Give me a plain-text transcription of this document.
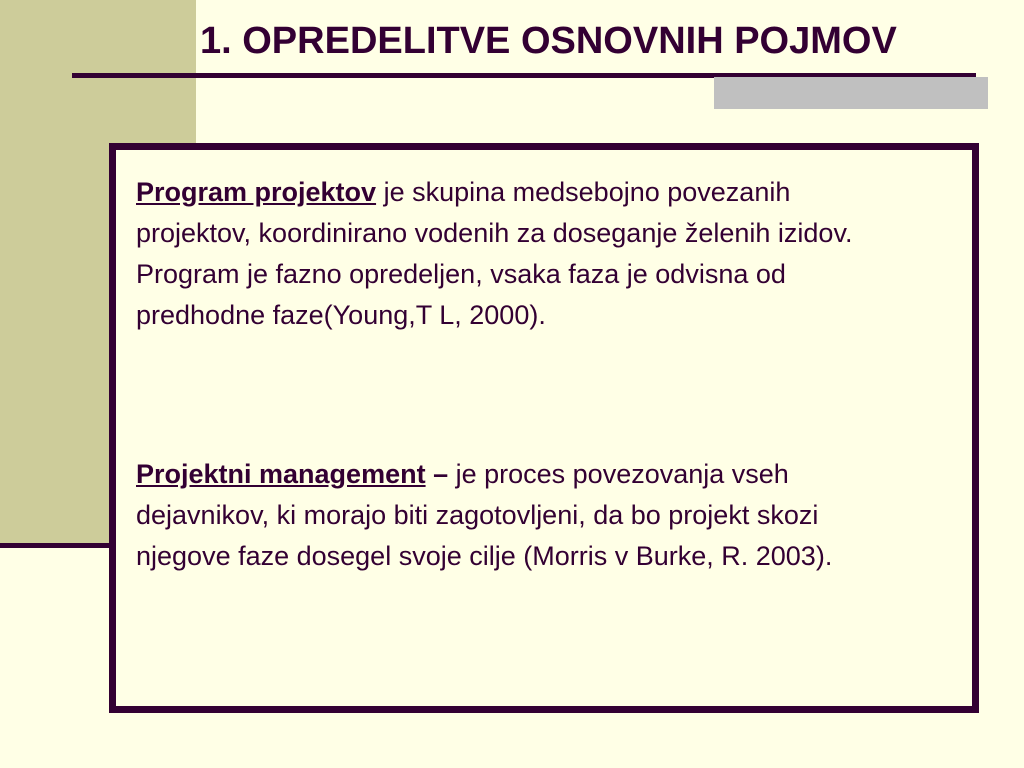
1. OPREDELITVE OSNOVNIH POJMOV

Program projektov je skupina medsebojno povezanih projektov, koordinirano vodenih za doseganje želenih izidov. Program je fazno opredeljen, vsaka faza je odvisna od predhodne faze(Young,T L, 2000).

Projektni management – je proces povezovanja vseh dejavnikov, ki morajo biti zagotovljeni, da bo projekt skozi njegove faze dosegel svoje cilje (Morris v Burke, R. 2003).
